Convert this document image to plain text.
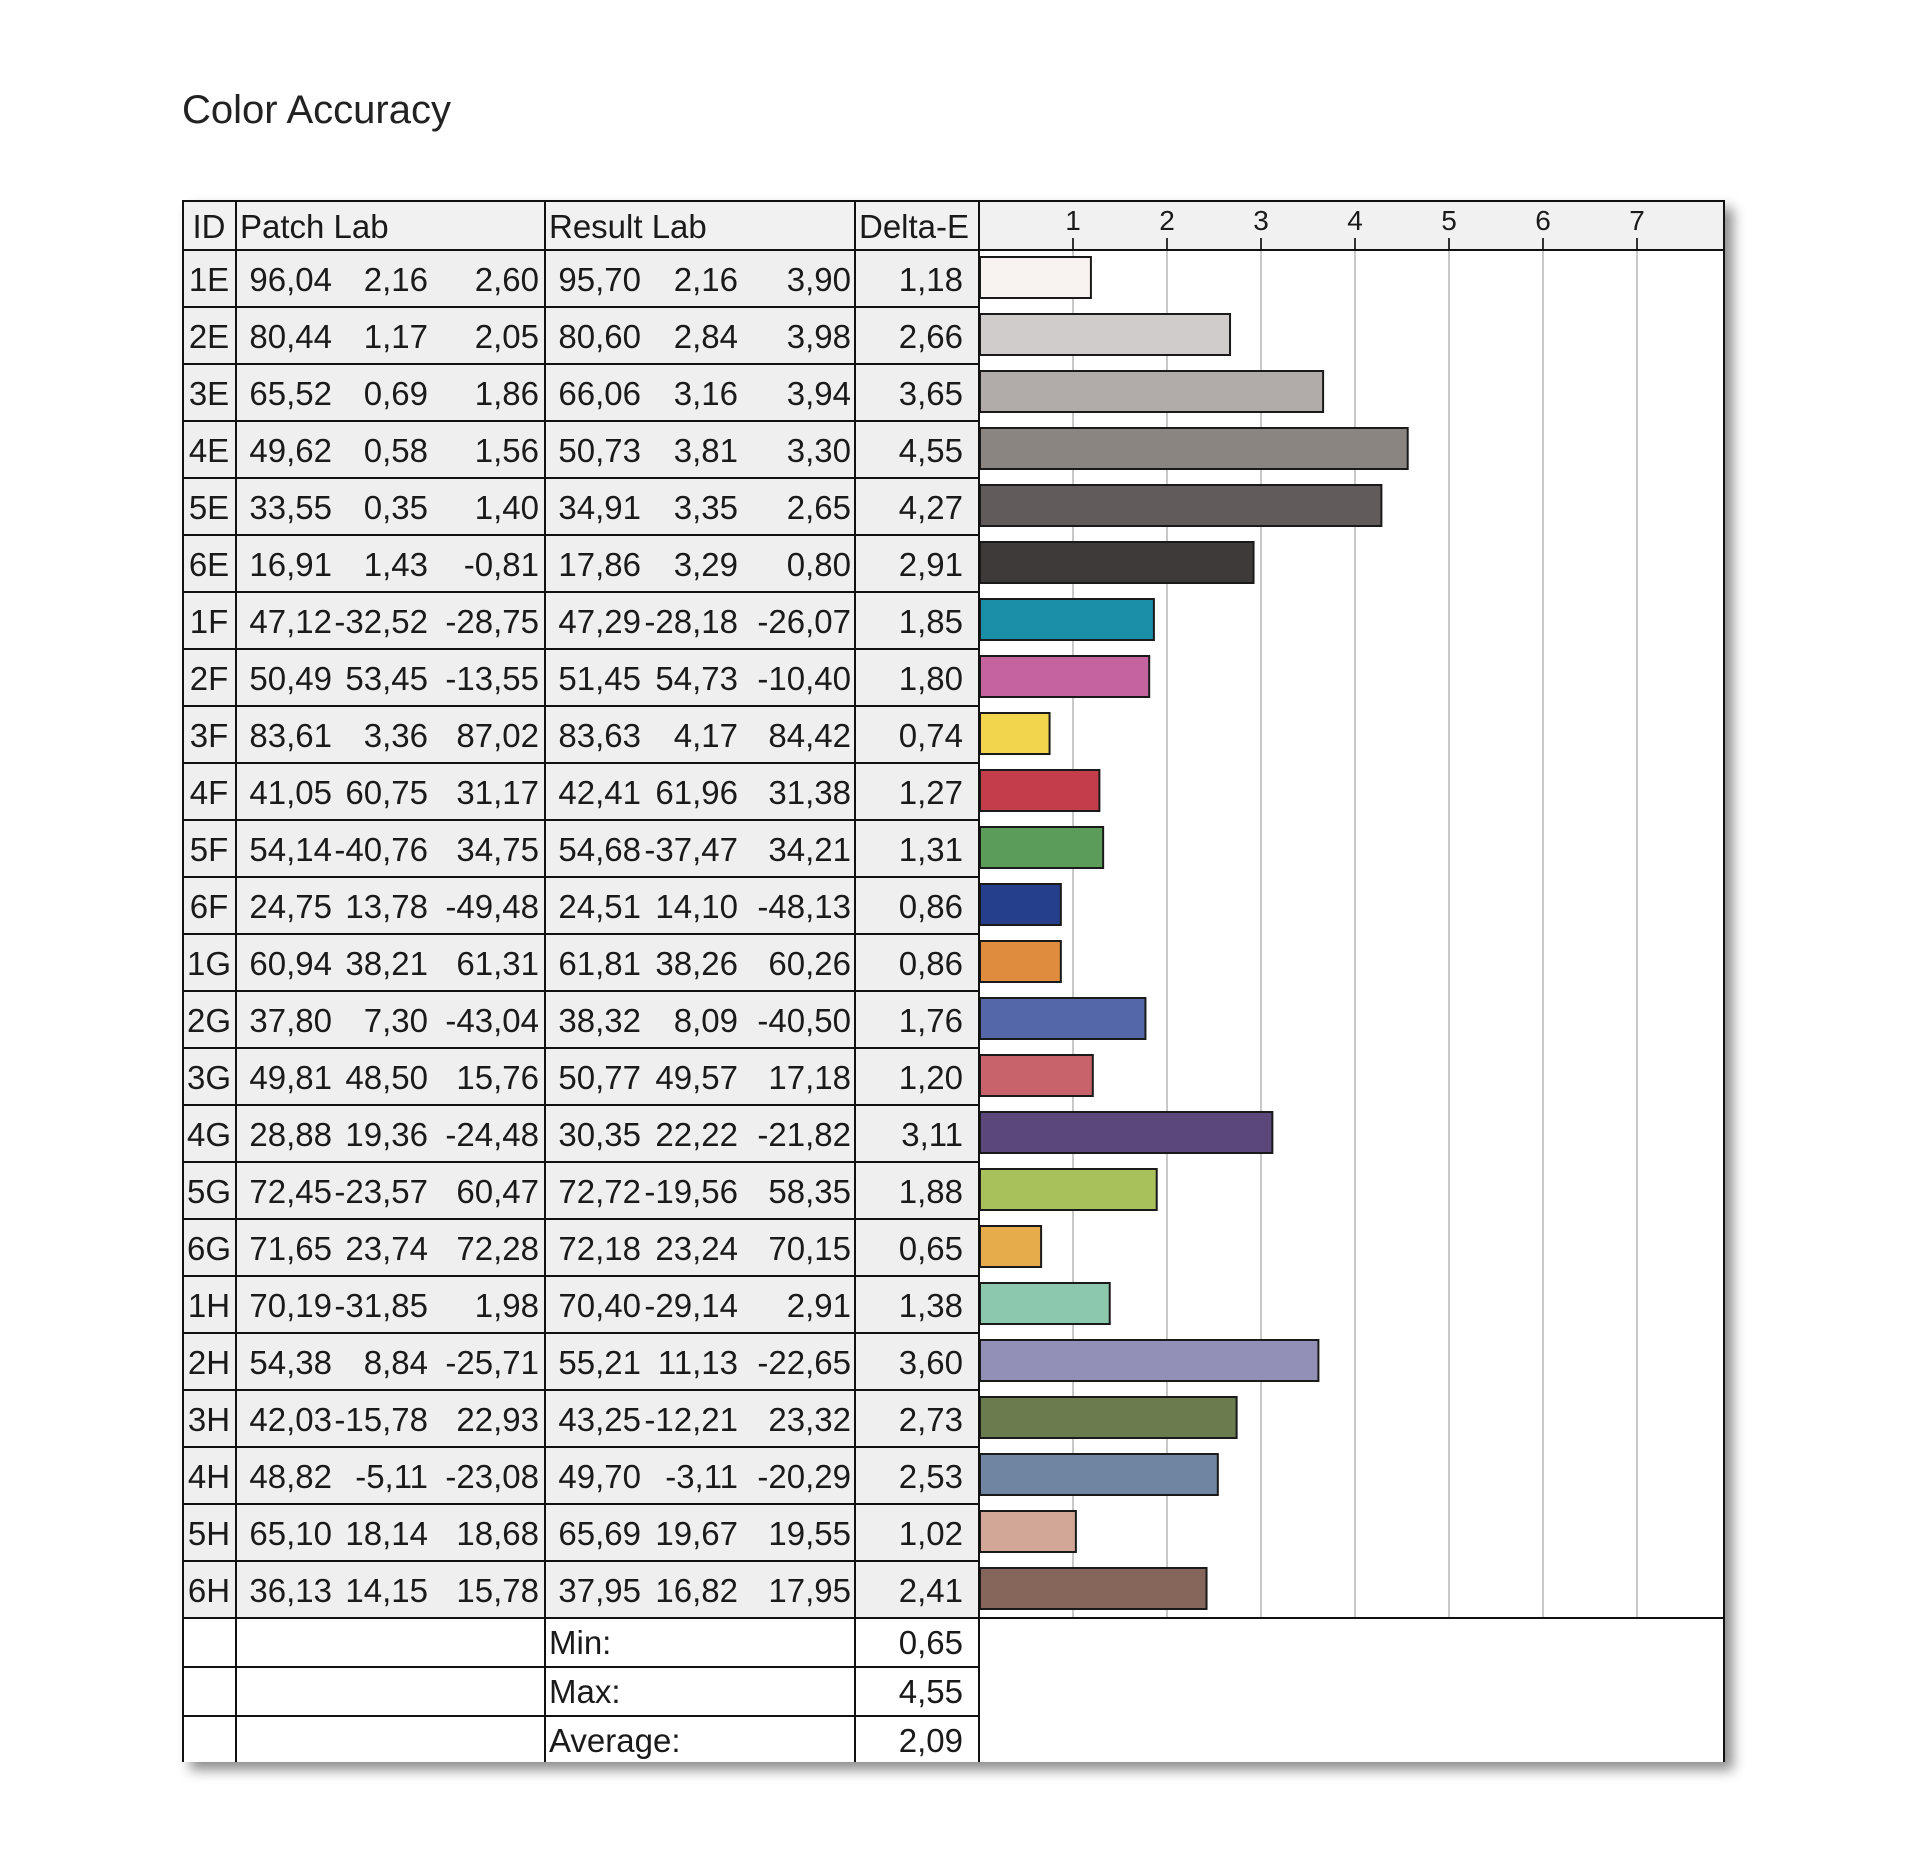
Color Accuracy
1	2	3	4	5	6	7
ID Patch Lab	Result Lab	Delta-E
1E 96,04 2,16 2,60 95,70 2,16 3,90 1,18
2E 80,44 1,17 2,05 80,60 2,84 3,98 2,66
3E 65,52 0,69 1,86 66,06 3,16 3,94 3,65
4E 49,62 0,58 1,56 50,73 3,81 3,30 4,55
5E 33,55 0,35 1,40 34,91 3,35 2,65 4,27
6E 16,91 1,43 -0,81 17,86 3,29 0,80 2,91
1F 47,12 -32,52 -28,75 47,29 -28,18 -26,07 1,85
2F 50,49 53,45 -13,55 51,45 54,73 -10,40 1,80
3F 83,61 3,36 87,02 83,63 4,17 84,42 0,74
4F 41,05 60,75 31,17 42,41 61,96 31,38 1,27
5F 54,14 -40,76 34,75 54,68 -37,47 34,21 1,31
6F 24,75 13,78 -49,48 24,51 14,10 -48,13 0,86
1G 60,94 38,21 61,31 61,81 38,26 60,26 0,86
2G 37,80 7,30 -43,04 38,32 8,09 -40,50 1,76
3G 49,81 48,50 15,76 50,77 49,57 17,18 1,20
4G 28,88 19,36 -24,48 30,35 22,22 -21,82 3,11
5G 72,45 -23,57 60,47 72,72 -19,56 58,35 1,88
6G 71,65 23,74 72,28 72,18 23,24 70,15 0,65
1H 70,19 -31,85 1,98 70,40 -29,14 2,91 1,38
2H 54,38 8,84 -25,71 55,21 11,13 -22,65 3,60
3H 42,03 -15,78 22,93 43,25 -12,21 23,32 2,73
4H 48,82 -5,11 -23,08 49,70 -3,11 -20,29 2,53
5H 65,10 18,14 18,68 65,69 19,67 19,55 1,02
6H 36,13 14,15 15,78 37,95 16,82 17,95 2,41
Min:	0,65
Max:	4,55
Average:	2,09
